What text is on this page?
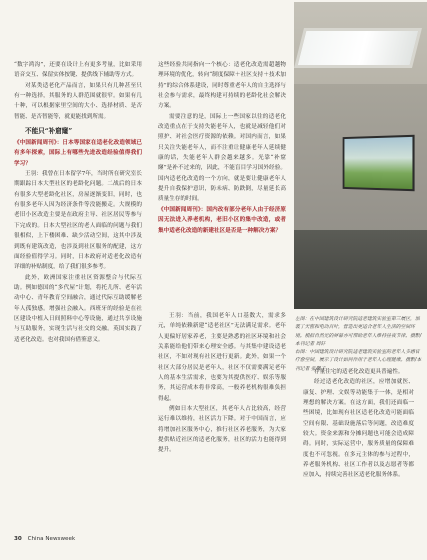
“数字鸿沟”，还要在设计上有更多考量，比如采用语音交互、保留实体按键、提供线下辅助等方式。

对某类适老化产品而言，如果只有几种甚至只有一种选择，其服务的人群范围就很窄。如果有几十种，可以根据家里空间的大小、选择材质、是否智能、是否智能等，就更能找到所需。

不能只“补窟窿”

《中国新闻周刊》：日本等国家在适老化改造领域已有多年探索，国际上有哪些先进改造经验值得我们学习？

王羽：我曾在日本留学7年，当时所在研究室长期跟踪日本大型社区的老龄化问题。二战后的日本有很多大型老龄化社区，房屋逐渐变旧，同时，也有很多老年人因为经济条件等没能搬走。大规模的老旧小区改造主要是在政府主导、社区居民等参与下完成的。日本大型社区的老人面临的问题与我们很相似，上下楼困难、缺少活动空间，这其中涉及到既有建筑改造，也涉及到社区服务的配建，这方面经验值得学习。同时，日本政府对适老化改造有详细的补贴制度，给了我们很多参考。

此外，欧洲国家注重社区资源整合与代际互助。例如德国的“多代屋”计划，将托儿所、老年活动中心、青年教育空间融合，通过代际互助缓解老年人孤独感。增强社会融入。西班牙的经验是在社区建设中植入日间照料中心等设施，通过共享设施与互助服务，实现生活与社交的交融。英国实践了适老化改造。也对我国有借鉴意义。

这些经验共同指向一个核心：适老化改造需超越物理环境的优化，转向“制度保障＋社区支持＋技术加持”的综合体系建设，同时尊重老年人的自主选择与社会参与需求，最终构建可持续的老龄化社会解决方案。

需要注意的是，国际上一些国家以往的适老化改造重点在于支持失能老年人，也就是减轻他们对照护、对社会医疗资源的依赖。对国内而言，如果只关注失能老年人，而不注重让健康老年人延续健康的话，失能老年人群会越来越多。光靠“补窟窿”是补不过来的，因此，不能盲目学习国外经验。国内适老化改造的一个方向，就是要让健康老年人提升自我保护意识，防未病、防跌倒，尽量延长高质量生存的时间。

《中国新闻周刊》：国内改有部分老年人由于经济原因无法进入养老机构，老旧小区的集中改造，或者集中适老化改造的新建社区是否是一种解决方案？

王羽：当前，我国老年人口基数大，需求多元，单纯依赖新建“适老社区”无法满足需求。老年人更偏好居家养老，主要是熟悉的社区环境和社会关系能给他们带来心理安全感。与其集中建设适老社区，不如对现有社区进行更新。此外，如果一个社区大部分居民是老年人，社区不仅需要满足老年人的基本生活需求，也要为其提供医疗、娱乐等服务，其运营成本将非常高，一般养老机构很难负担得起。

例如日本大型社区，其老年人占比较高，经营运行难以维持，社区活力下降。对于中国而言，应将增加社区服务中心，推行社区养老服务，为大家提供贴近社区的适老化服务，社区的活力也能得到提升。

存量住宅的适老化改造更具普遍性。

经过适老化改造的社区，应增加就医、康复、护理、文娱等功能集于一体，是相对理想的解决方案。在这方面，我们还面临一些困境，比如现有社区适老化改造可能面临空间有限、基础设施落后等问题，改造难度较大。资金来源和分摊问题也可能会造成障碍。同时，实际运营中，服务质量的保障难度也不可忽视。在多元主体的参与过程中，养老服务机构、社区工作者以及志愿者等都应加入，持续完善社区适老化服务体系。

左图：在中国建筑设计研究院适老建筑实验室第三展区，加装了天窗和电动百叶，营造出更适合老年人生活的空间环境。模拟自然光的屏幕亦可帮助老年人维持昼夜节律。摄影/本刊记者 周轩
右图：中国建筑设计研究院适老建筑实验室的老年人多感官疗愈空间，展示了设计如何作用于老年人心理健康。摄影/本刊记者 张馨子
30 China Newsweek
